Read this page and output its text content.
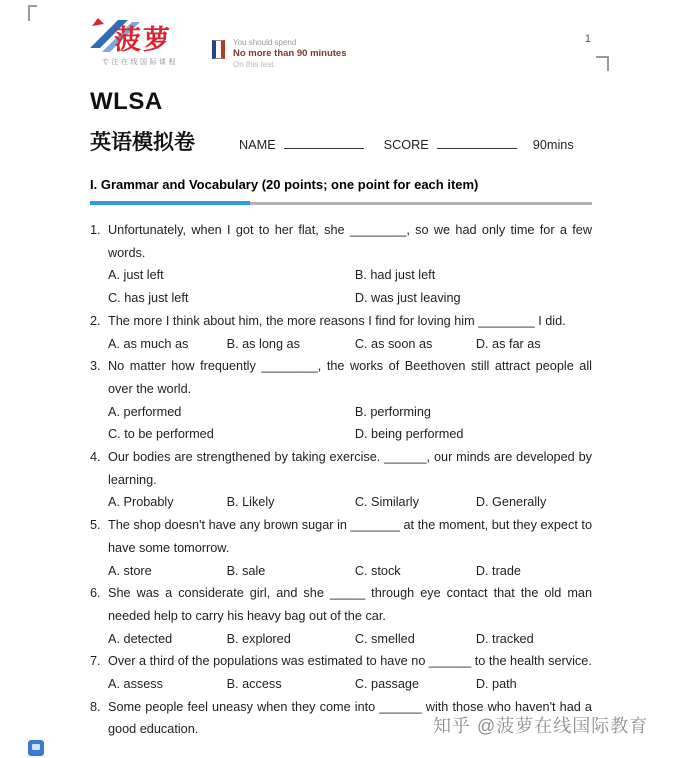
1
菠萝
专注在线国际课程
You should spend
No more than 90 minutes
On this test
WLSA
英语模拟卷	NAME	SCORE	90mins
I. Grammar and Vocabulary (20 points; one point for each item)
1. Unfortunately, when I got to her flat, she ________, so we had only time for a few words.
A. just left	B. had just left
C. has just left	D. was just leaving
2. The more I think about him, the more reasons I find for loving him ________ I did.
A. as much as	B. as long as	C. as soon as	D. as far as
3. No matter how frequently ________, the works of Beethoven still attract people all over the world.
A. performed	B. performing
C. to be performed	D. being performed
4. Our bodies are strengthened by taking exercise. ______, our minds are developed by learning.
A. Probably	B. Likely	C. Similarly	D. Generally
5. The shop doesn't have any brown sugar in _______ at the moment, but they expect to have some tomorrow.
A. store	B. sale	C. stock	D. trade
6. She was a considerate girl, and she _____ through eye contact that the old man needed help to carry his heavy bag out of the car.
A. detected	B. explored	C. smelled	D. tracked
7. Over a third of the populations was estimated to have no ______ to the health service.
A. assess	B. access	C. passage	D. path
8. Some people feel uneasy when they come into ______ with those who haven't had a good education.	知乎 @菠萝在线国际教育
